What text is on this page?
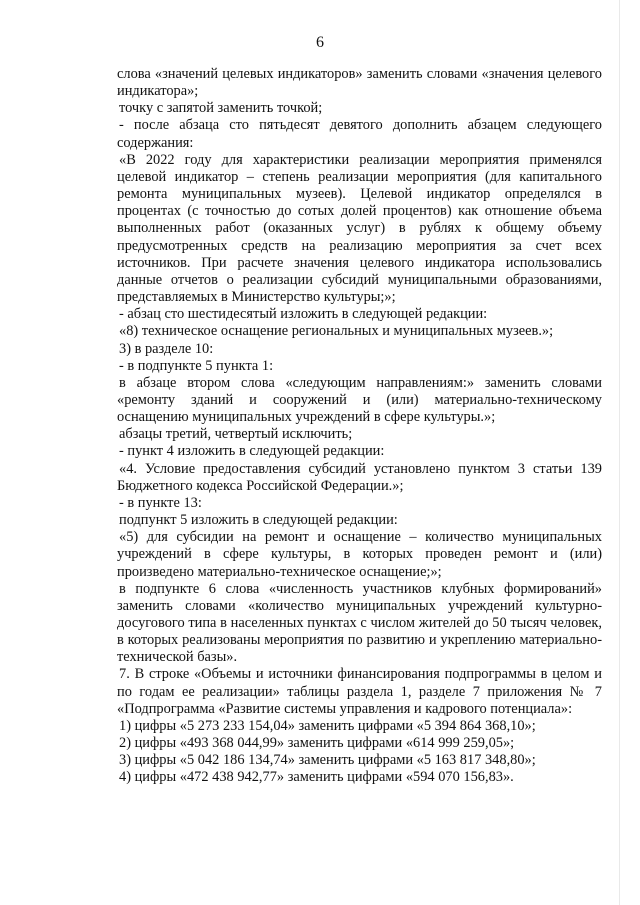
6

слова «значений целевых индикаторов» заменить словами «значения целевого индикатора»;

точку с запятой заменить точкой;

- после абзаца сто пятьдесят девятого дополнить абзацем следующего содержания:

«В 2022 году для характеристики реализации мероприятия применялся целевой индикатор – степень реализации мероприятия (для капитального ремонта муниципальных музеев). Целевой индикатор определялся в процентах (с точностью до сотых долей процентов) как отношение объема выполненных работ (оказанных услуг) в рублях к общему объему предусмотренных средств на реализацию мероприятия за счет всех источников. При расчете значения целевого индикатора использовались данные отчетов о реализации субсидий муниципальными образованиями, представляемых в Министерство культуры;»;

- абзац сто шестидесятый изложить в следующей редакции:

«8) техническое оснащение региональных и муниципальных музеев.»;

3) в разделе 10:

- в подпункте 5 пункта 1:

в абзаце втором слова «следующим направлениям:» заменить словами «ремонту зданий и сооружений и (или) материально-техническому оснащению муниципальных учреждений в сфере культуры.»;

абзацы третий, четвертый исключить;

- пункт 4 изложить в следующей редакции:

«4. Условие предоставления субсидий установлено пунктом 3 статьи 139 Бюджетного кодекса Российской Федерации.»;

- в пункте 13:

подпункт 5 изложить в следующей редакции:

«5) для субсидии на ремонт и оснащение – количество муниципальных учреждений в сфере культуры, в которых проведен ремонт и (или) произведено материально-техническое оснащение;»;

в подпункте 6 слова «численность участников клубных формирований» заменить словами «количество муниципальных учреждений культурно-досугового типа в населенных пунктах с числом жителей до 50 тысяч человек, в которых реализованы мероприятия по развитию и укреплению материально-технической базы».

7. В строке «Объемы и источники финансирования подпрограммы в целом и по годам ее реализации» таблицы раздела 1, разделе 7 приложения № 7 «Подпрограмма «Развитие системы управления и кадрового потенциала»:

1) цифры «5 273 233 154,04» заменить цифрами «5 394 864 368,10»;

2) цифры «493 368 044,99» заменить цифрами «614 999 259,05»;

3) цифры «5 042 186 134,74» заменить цифрами «5 163 817 348,80»;

4) цифры «472 438 942,77» заменить цифрами «594 070 156,83».
